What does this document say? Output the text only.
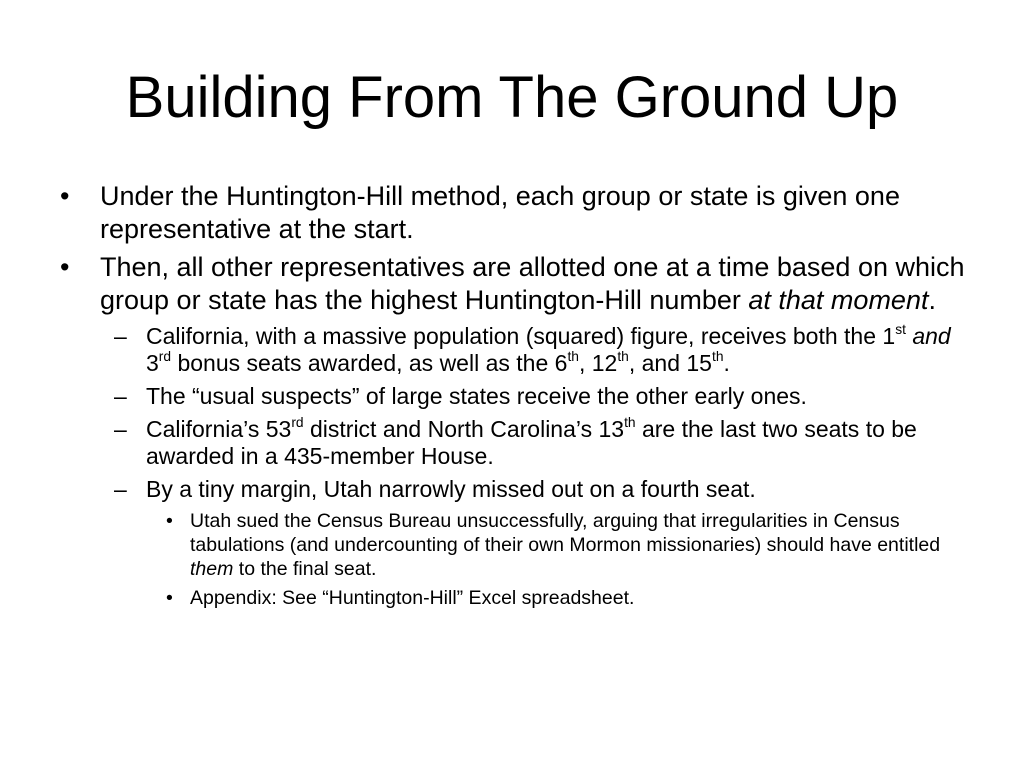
Building From The Ground Up
• Under the Huntington-Hill method, each group or state is given one representative at the start.
• Then, all other representatives are allotted one at a time based on which group or state has the highest Huntington-Hill number at that moment.
– California, with a massive population (squared) figure, receives both the 1st and 3rd bonus seats awarded, as well as the 6th, 12th, and 15th.
– The “usual suspects” of large states receive the other early ones.
– California’s 53rd district and North Carolina’s 13th are the last two seats to be awarded in a 435-member House.
– By a tiny margin, Utah narrowly missed out on a fourth seat.
• Utah sued the Census Bureau unsuccessfully, arguing that irregularities in Census tabulations (and undercounting of their own Mormon missionaries) should have entitled them to the final seat.
• Appendix: See “Huntington-Hill” Excel spreadsheet.
